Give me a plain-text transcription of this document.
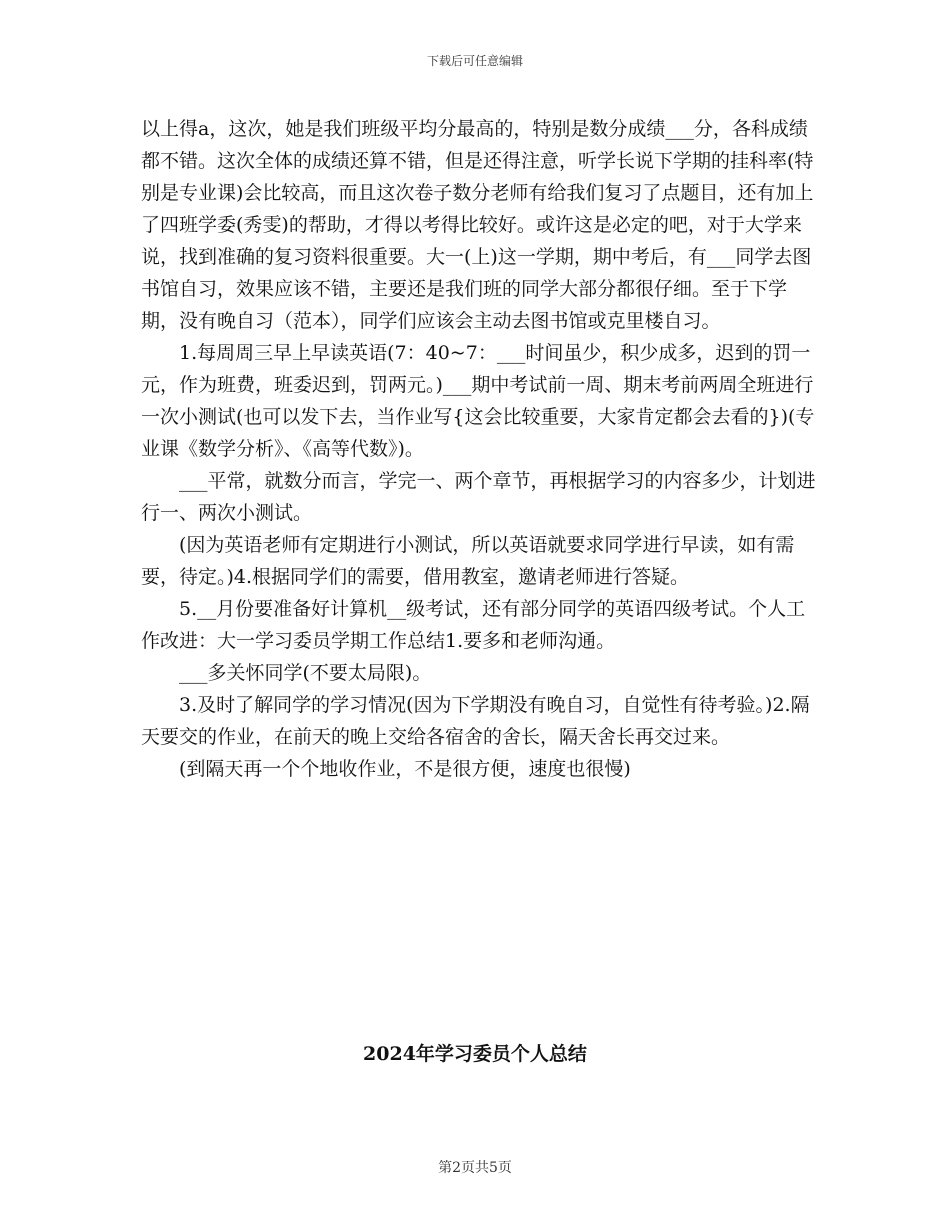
下载后可任意编辑

以上得a，这次，她是我们班级平均分最高的，特别是数分成绩___分，各科成绩都不错。这次全体的成绩还算不错，但是还得注意，听学长说下学期的挂科率(特别是专业课)会比较高，而且这次卷子数分老师有给我们复习了点题目，还有加上了四班学委(秀雯)的帮助，才得以考得比较好。或许这是必定的吧，对于大学来说，找到准确的复习资料很重要。大一(上)这一学期，期中考后，有___同学去图书馆自习，效果应该不错，主要还是我们班的同学大部分都很仔细。至于下学期，没有晚自习（范本），同学们应该会主动去图书馆或克里楼自习。

1.每周周三早上早读英语(7：40~7：___时间虽少，积少成多，迟到的罚一元，作为班费，班委迟到，罚两元。)___期中考试前一周、期末考前两周全班进行一次小测试(也可以发下去，当作业写{这会比较重要，大家肯定都会去看的})(专业课《数学分析》、《高等代数》)。

___平常，就数分而言，学完一、两个章节，再根据学习的内容多少，计划进行一、两次小测试。

(因为英语老师有定期进行小测试，所以英语就要求同学进行早读，如有需要，待定。)4.根据同学们的需要，借用教室，邀请老师进行答疑。

5.__月份要准备好计算机__级考试，还有部分同学的英语四级考试。个人工作改进：大一学习委员学期工作总结1.要多和老师沟通。

___多关怀同学(不要太局限)。

3.及时了解同学的学习情况(因为下学期没有晚自习，自觉性有待考验。)2.隔天要交的作业，在前天的晚上交给各宿舍的舍长，隔天舍长再交过来。

(到隔天再一个个地收作业，不是很方便，速度也很慢)

2024年学习委员个人总结
第2页共5页
